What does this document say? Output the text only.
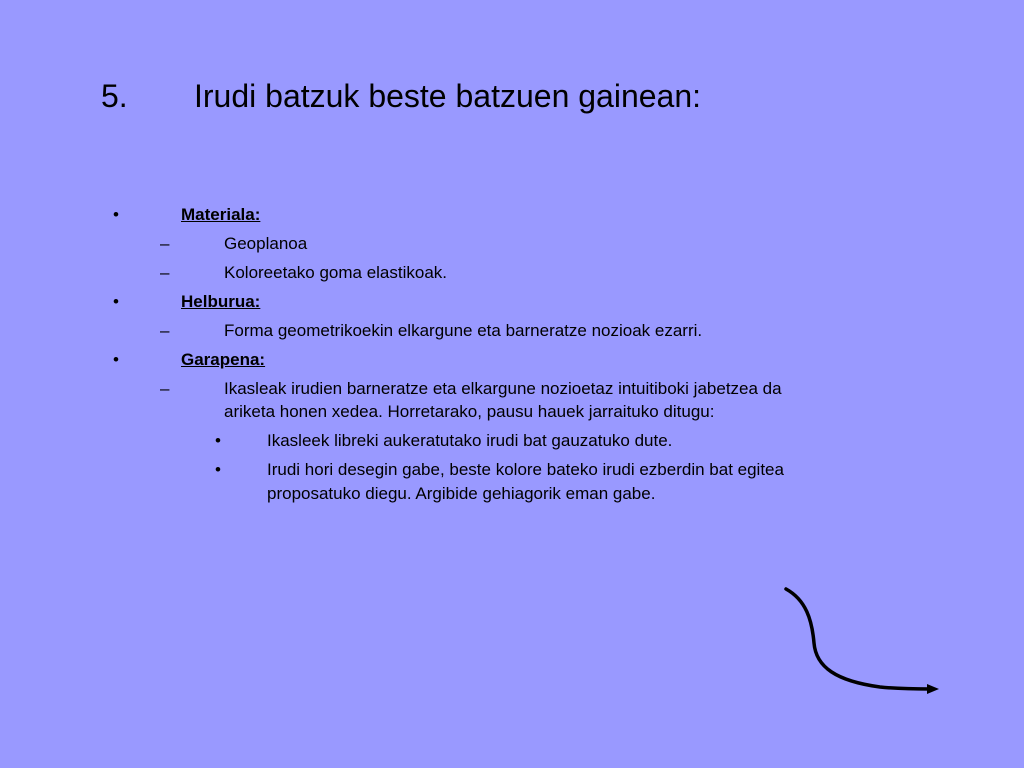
5. Irudi batzuk beste batzuen gainean:
•	Materiala:
–	Geoplanoa
–	Koloreetako goma elastikoak.
•	Helburua:
–	Forma geometrikoekin elkargune eta barneratze nozioak ezarri.
•	Garapena:
–	Ikasleak irudien barneratze eta elkargune nozioetaz intuitiboki jabetzea da
ariketa honen xedea. Horretarako, pausu hauek jarraituko ditugu:
•	Ikasleek libreki aukeratutako irudi bat gauzatuko dute.
•	Irudi hori desegin gabe, beste kolore bateko irudi ezberdin bat egitea
proposatuko diegu. Argibide gehiagorik eman gabe.
